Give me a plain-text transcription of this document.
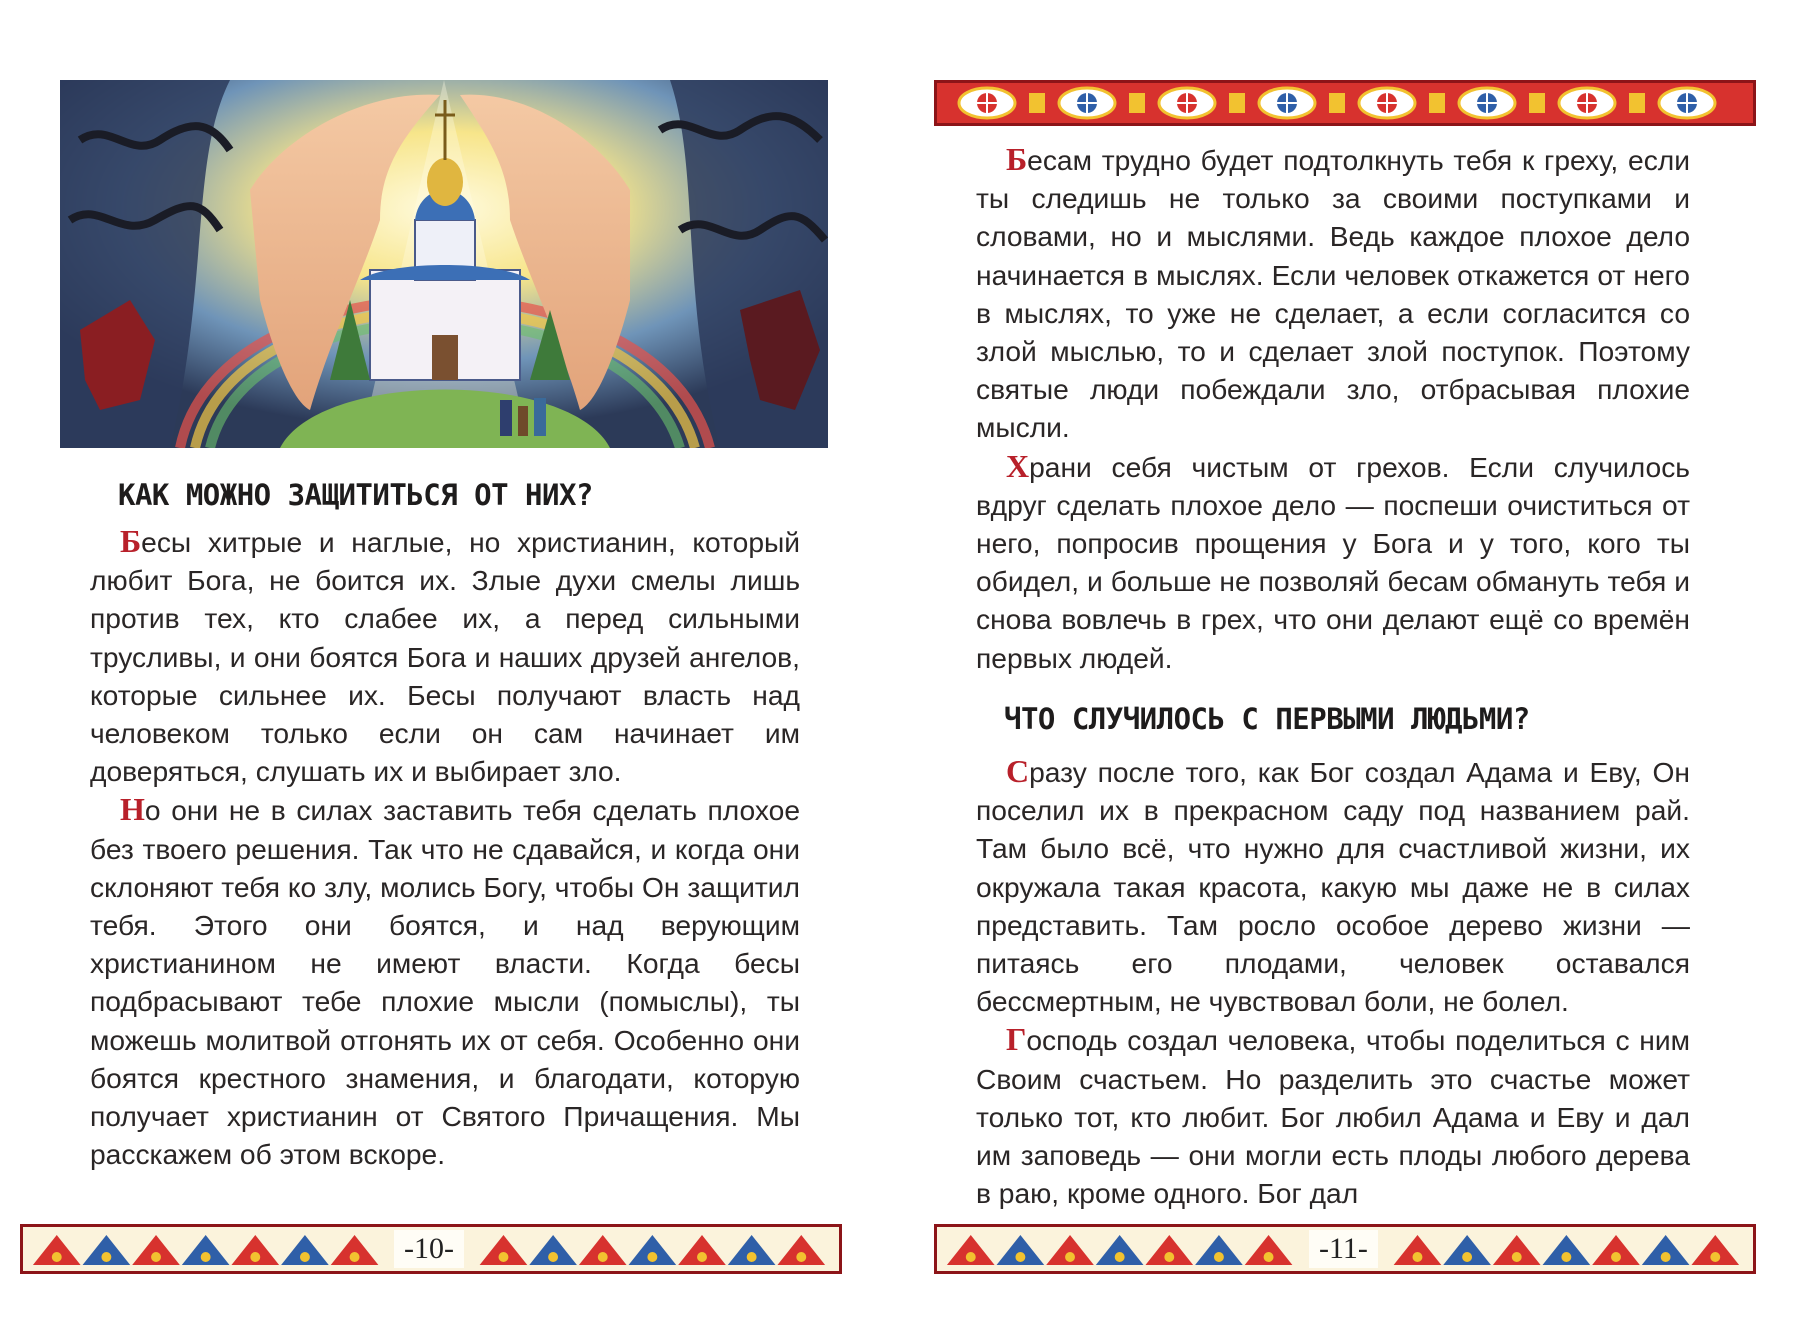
КАК МОЖНО ЗАЩИТИТЬСЯ ОТ НИХ?

Бесы хитрые и наглые, но христианин, который любит Бога, не боится их. Злые духи смелы лишь против тех, кто слабее их, а перед сильными трусливы, и они боятся Бога и наших друзей ангелов, которые сильнее их. Бесы получают власть над человеком только если он сам начинает им доверяться, слушать их и выбирает зло.

Но они не в силах заставить тебя сделать плохое без твоего решения. Так что не сдавайся, и когда они склоняют тебя ко злу, молись Богу, чтобы Он защитил тебя. Этого они боятся, и над верующим христианином не имеют власти. Когда бесы подбрасывают тебе плохие мысли (помыслы), ты можешь молитвой отгонять их от себя. Особенно они боятся крестного знамения, и благодати, которую получает христианин от Святого Причащения. Мы расскажем об этом вскоре.

-10-

Бесам трудно будет подтолкнуть тебя к греху, если ты следишь не только за своими поступками и словами, но и мыслями. Ведь каждое плохое дело начинается в мыслях. Если человек откажется от него в мыслях, то уже не сделает, а если согласится со злой мыслью, то и сделает злой поступок. Поэтому святые люди побеждали зло, отбрасывая плохие мысли.

Храни себя чистым от грехов. Если случилось вдруг сделать плохое дело — поспеши очиститься от него, попросив прощения у Бога и у того, кого ты обидел, и больше не позволяй бесам обмануть тебя и снова вовлечь в грех, что они делают ещё со времён первых людей.

ЧТО СЛУЧИЛОСЬ С ПЕРВЫМИ ЛЮДЬМИ?

Сразу после того, как Бог создал Адама и Еву, Он поселил их в прекрасном саду под названием рай. Там было всё, что нужно для счастливой жизни, их окружала такая красота, какую мы даже не в силах представить. Там росло особое дерево жизни — питаясь его плодами, человек оставался бессмертным, не чувствовал боли, не болел.

Господь создал человека, чтобы поделиться с ним Своим счастьем. Но разделить это счастье может только тот, кто любит. Бог любил Адама и Еву и дал им заповедь — они могли есть плоды любого дерева в раю, кроме одного. Бог дал

-11-
